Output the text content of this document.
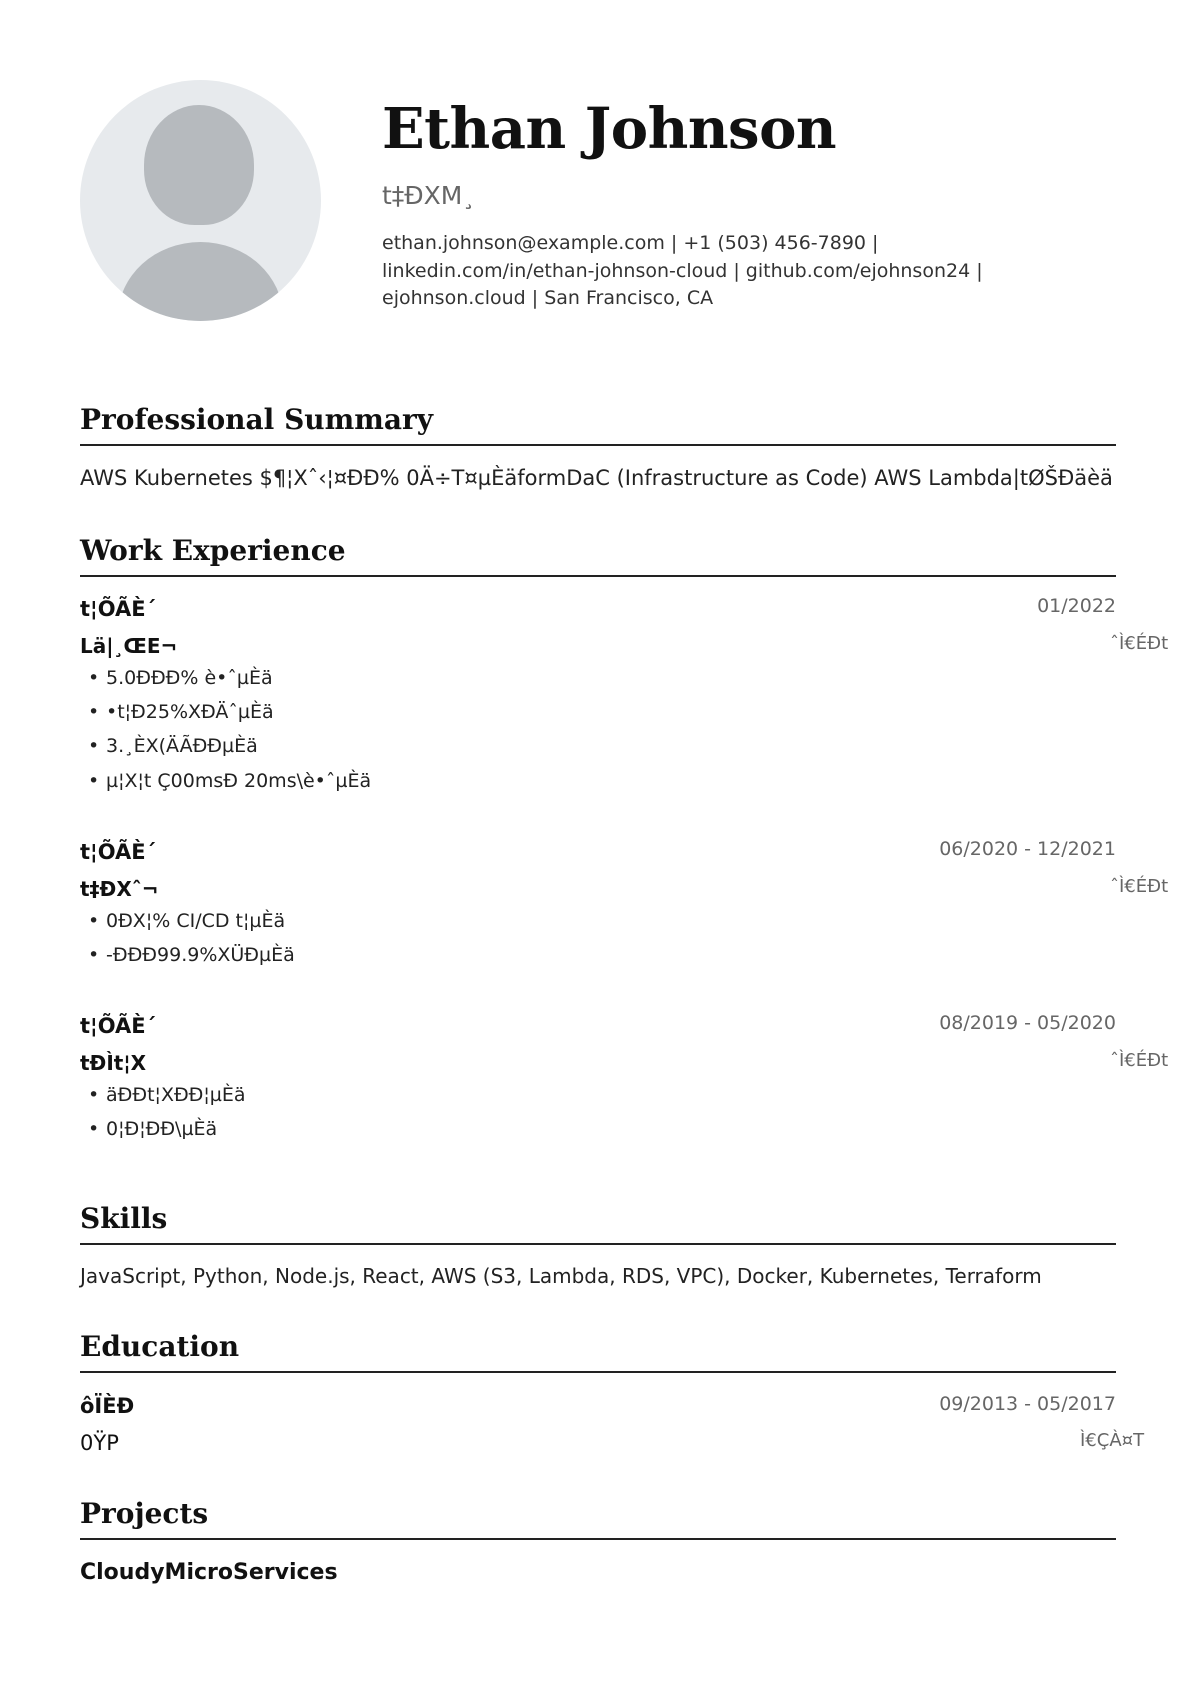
Ethan Johnson
t‡ÐXM¸
ethan.johnson@example.com | +1 (503) 456-7890 |
linkedin.com/in/ethan-johnson-cloud | github.com/ejohnson24 |
ejohnson.cloud | San Francisco, CA
Professional Summary
AWS Kubernetes $¶¦Xˆ‹¦¤ÐÐ% 0Ä÷T¤µÈäformDaC (Infrastructure as Code) AWS Lambda|tØŠÐäèä
Work Experience
t¦ÕÃÈ´	01/2022
Lä|¸ŒE¬	ˆÌ€ÉÐt
• 5.0ÐÐÐ% è•ˆµÈä
• •t¦Ð25%XÐÄˆµÈä
• 3.¸ÈX(ÄÃÐÐµÈä
• µ¦X¦t Ç00msÐ 20ms\è•ˆµÈä
t¦ÕÃÈ´	06/2020 - 12/2021
t‡ÐXˆ¬	ˆÌ€ÉÐt
• 0ÐX¦% CI/CD t¦µÈä
• -ÐÐÐ99.9%XÜÐµÈä
t¦ÕÃÈ´	08/2019 - 05/2020
tÐÌt¦X	ˆÌ€ÉÐt
• äÐÐt¦XÐÐ¦µÈä
• 0¦Ð¦ÐÐ\µÈä
Skills
JavaScript, Python, Node.js, React, AWS (S3, Lambda, RDS, VPC), Docker, Kubernetes, Terraform
Education
ôÏÈÐ	09/2013 - 05/2017
0ŸP	Ì€ÇÀ¤T
Projects
CloudyMicroServices
